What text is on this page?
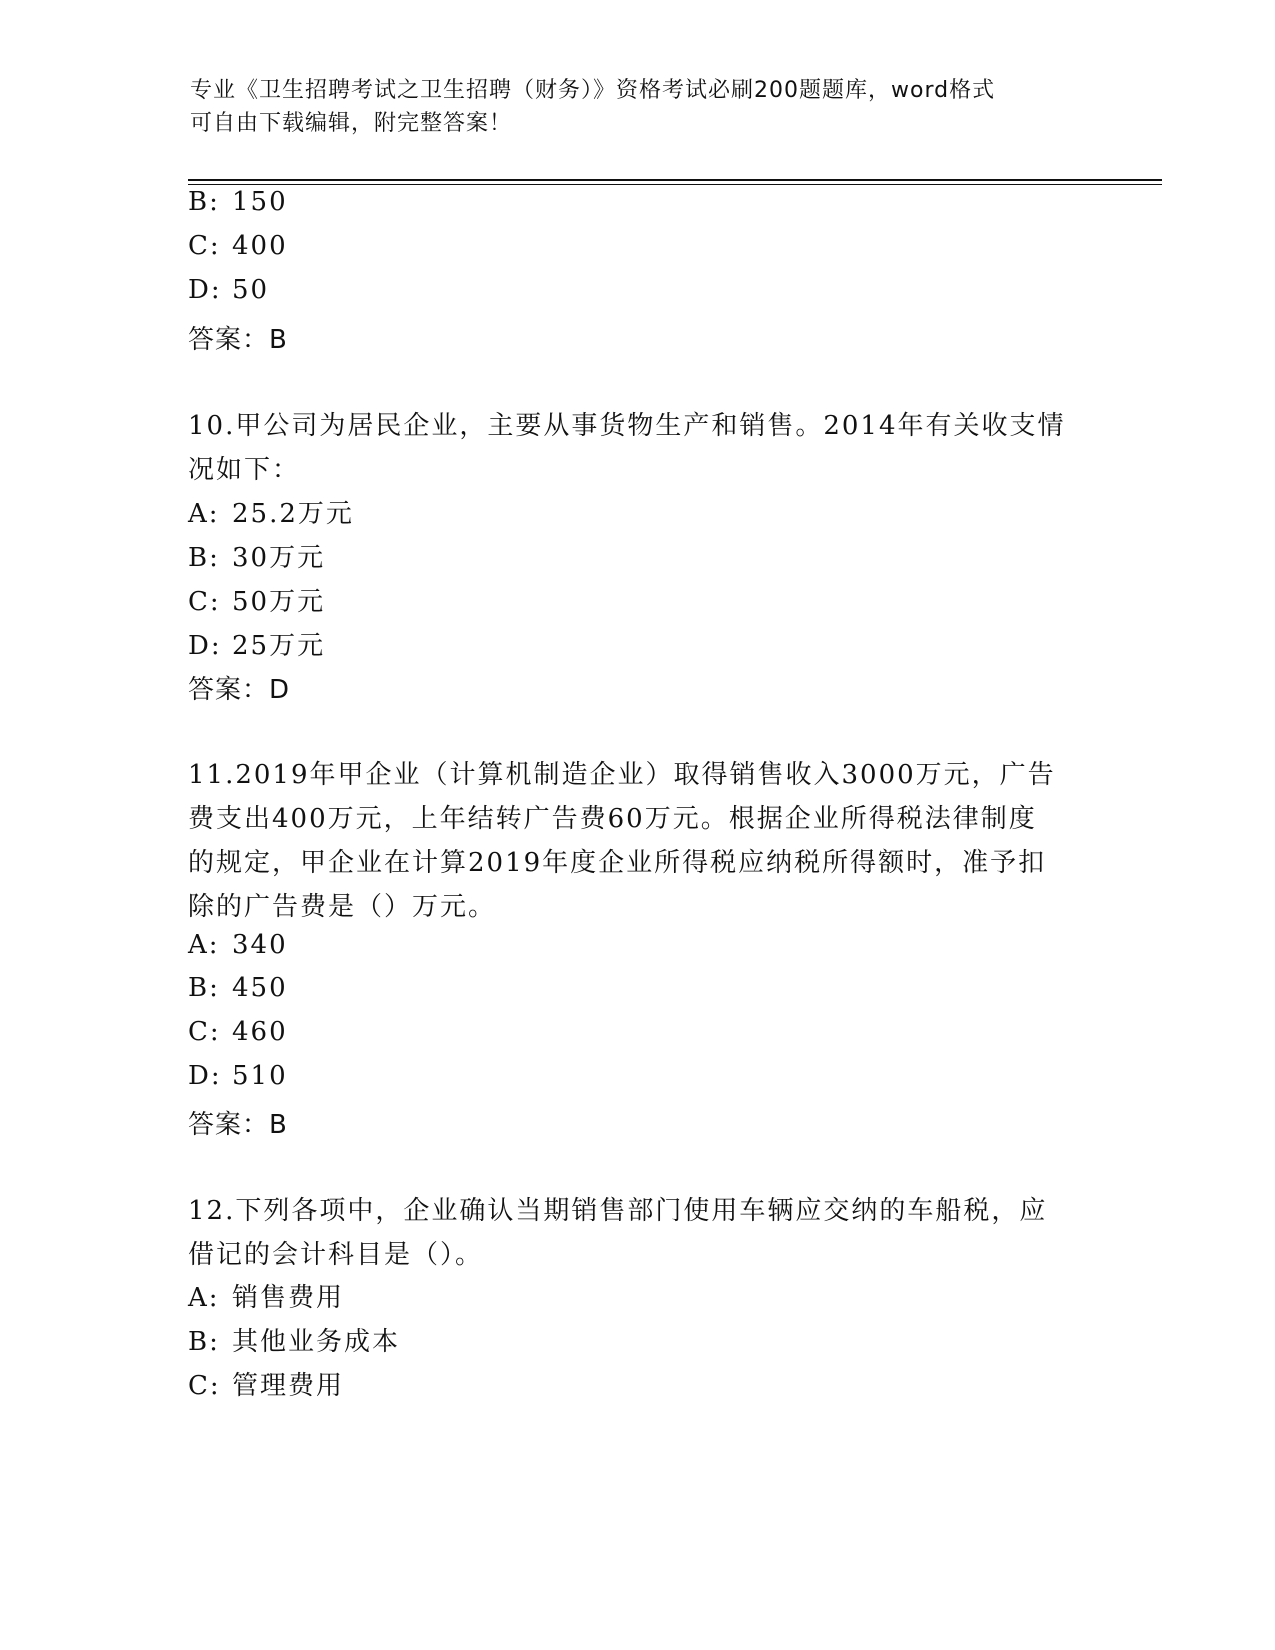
专业《卫生招聘考试之卫生招聘（财务）》资格考试必刷200题题库，word格式
可自由下载编辑，附完整答案！
B: 150
C: 400
D: 50
答案：B
10.甲公司为居民企业，主要从事货物生产和销售。2014年有关收支情
况如下：
A: 25.2万元
B: 30万元
C: 50万元
D: 25万元
答案：D
11.2019年甲企业（计算机制造企业）取得销售收入3000万元，广告
费支出400万元，上年结转广告费60万元。根据企业所得税法律制度
的规定，甲企业在计算2019年度企业所得税应纳税所得额时，准予扣
除的广告费是（）万元。
A: 340
B: 450
C: 460
D: 510
答案：B
12.下列各项中，企业确认当期销售部门使用车辆应交纳的车船税，应
借记的会计科目是（）。
A: 销售费用
B: 其他业务成本
C: 管理费用
